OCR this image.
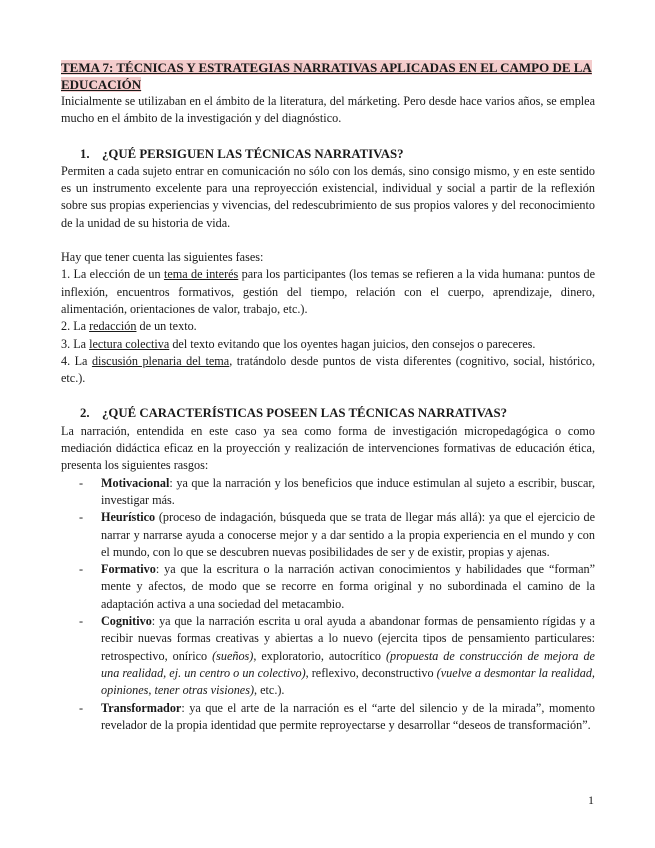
TEMA 7: TÉCNICAS Y ESTRATEGIAS NARRATIVAS APLICADAS EN EL CAMPO DE LA
EDUCACIÓN

Inicialmente se utilizaban en el ámbito de la literatura, del márketing. Pero desde hace varios años, se emplea mucho en el ámbito de la investigación y del diagnóstico.

1. ¿QUÉ PERSIGUEN LAS TÉCNICAS NARRATIVAS?

Permiten a cada sujeto entrar en comunicación no sólo con los demás, sino consigo mismo, y en este sentido es un instrumento excelente para una reproyección existencial, individual y social a partir de la reflexión sobre sus propias experiencias y vivencias, del redescubrimiento de sus propios valores y del reconocimiento de la unidad de su historia de vida.

Hay que tener cuenta las siguientes fases:

1. La elección de un tema de interés para los participantes (los temas se refieren a la vida humana: puntos de inflexión, encuentros formativos, gestión del tiempo, relación con el cuerpo, aprendizaje, dinero, alimentación, orientaciones de valor, trabajo, etc.).

2. La redacción de un texto.

3. La lectura colectiva del texto evitando que los oyentes hagan juicios, den consejos o pareceres.

4. La discusión plenaria del tema, tratándolo desde puntos de vista diferentes (cognitivo, social, histórico, etc.).

2. ¿QUÉ CARACTERÍSTICAS POSEEN LAS TÉCNICAS NARRATIVAS?

La narración, entendida en este caso ya sea como forma de investigación micropedagógica o como mediación didáctica eficaz en la proyección y realización de intervenciones formativas de educación ética, presenta los siguientes rasgos:

- Motivacional: ya que la narración y los beneficios que induce estimulan al sujeto a escribir, buscar, investigar más.
- Heurístico (proceso de indagación, búsqueda que se trata de llegar más allá): ya que el ejercicio de narrar y narrarse ayuda a conocerse mejor y a dar sentido a la propia experiencia en el mundo y con el mundo, con lo que se descubren nuevas posibilidades de ser y de existir, propias y ajenas.
- Formativo: ya que la escritura o la narración activan conocimientos y habilidades que “forman” mente y afectos, de modo que se recorre en forma original y no subordinada el camino de la adaptación activa a una sociedad del metacambio.
- Cognitivo: ya que la narración escrita u oral ayuda a abandonar formas de pensamiento rígidas y a recibir nuevas formas creativas y abiertas a lo nuevo (ejercita tipos de pensamiento particulares: retrospectivo, onírico (sueños), exploratorio, autocrítico (propuesta de construcción de mejora de una realidad, ej. un centro o un colectivo), reflexivo, deconstructivo (vuelve a desmontar la realidad, opiniones, tener otras visiones), etc.).
- Transformador: ya que el arte de la narración es el “arte del silencio y de la mirada”, momento revelador de la propia identidad que permite reproyectarse y desarrollar “deseos de transformación”.
1
